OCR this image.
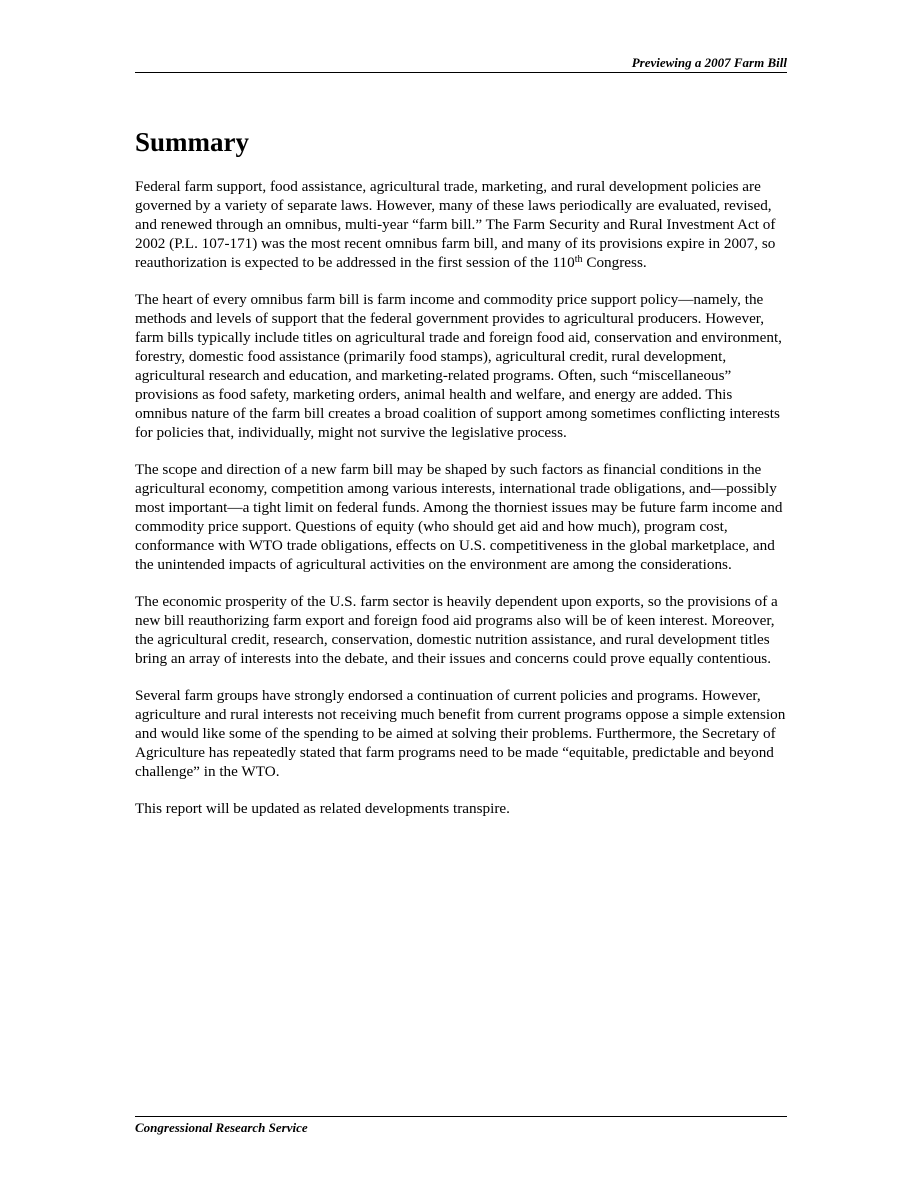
Previewing a 2007 Farm Bill
Summary

Federal farm support, food assistance, agricultural trade, marketing, and rural development policies are governed by a variety of separate laws. However, many of these laws periodically are evaluated, revised, and renewed through an omnibus, multi-year “farm bill.” The Farm Security and Rural Investment Act of 2002 (P.L. 107-171) was the most recent omnibus farm bill, and many of its provisions expire in 2007, so reauthorization is expected to be addressed in the first session of the 110th Congress.

The heart of every omnibus farm bill is farm income and commodity price support policy—namely, the methods and levels of support that the federal government provides to agricultural producers. However, farm bills typically include titles on agricultural trade and foreign food aid, conservation and environment, forestry, domestic food assistance (primarily food stamps), agricultural credit, rural development, agricultural research and education, and marketing-related programs. Often, such “miscellaneous” provisions as food safety, marketing orders, animal health and welfare, and energy are added. This omnibus nature of the farm bill creates a broad coalition of support among sometimes conflicting interests for policies that, individually, might not survive the legislative process.

The scope and direction of a new farm bill may be shaped by such factors as financial conditions in the agricultural economy, competition among various interests, international trade obligations, and—possibly most important—a tight limit on federal funds. Among the thorniest issues may be future farm income and commodity price support. Questions of equity (who should get aid and how much), program cost, conformance with WTO trade obligations, effects on U.S. competitiveness in the global marketplace, and the unintended impacts of agricultural activities on the environment are among the considerations.

The economic prosperity of the U.S. farm sector is heavily dependent upon exports, so the provisions of a new bill reauthorizing farm export and foreign food aid programs also will be of keen interest. Moreover, the agricultural credit, research, conservation, domestic nutrition assistance, and rural development titles bring an array of interests into the debate, and their issues and concerns could prove equally contentious.

Several farm groups have strongly endorsed a continuation of current policies and programs. However, agriculture and rural interests not receiving much benefit from current programs oppose a simple extension and would like some of the spending to be aimed at solving their problems. Furthermore, the Secretary of Agriculture has repeatedly stated that farm programs need to be made “equitable, predictable and beyond challenge” in the WTO.

This report will be updated as related developments transpire.

Congressional Research Service
